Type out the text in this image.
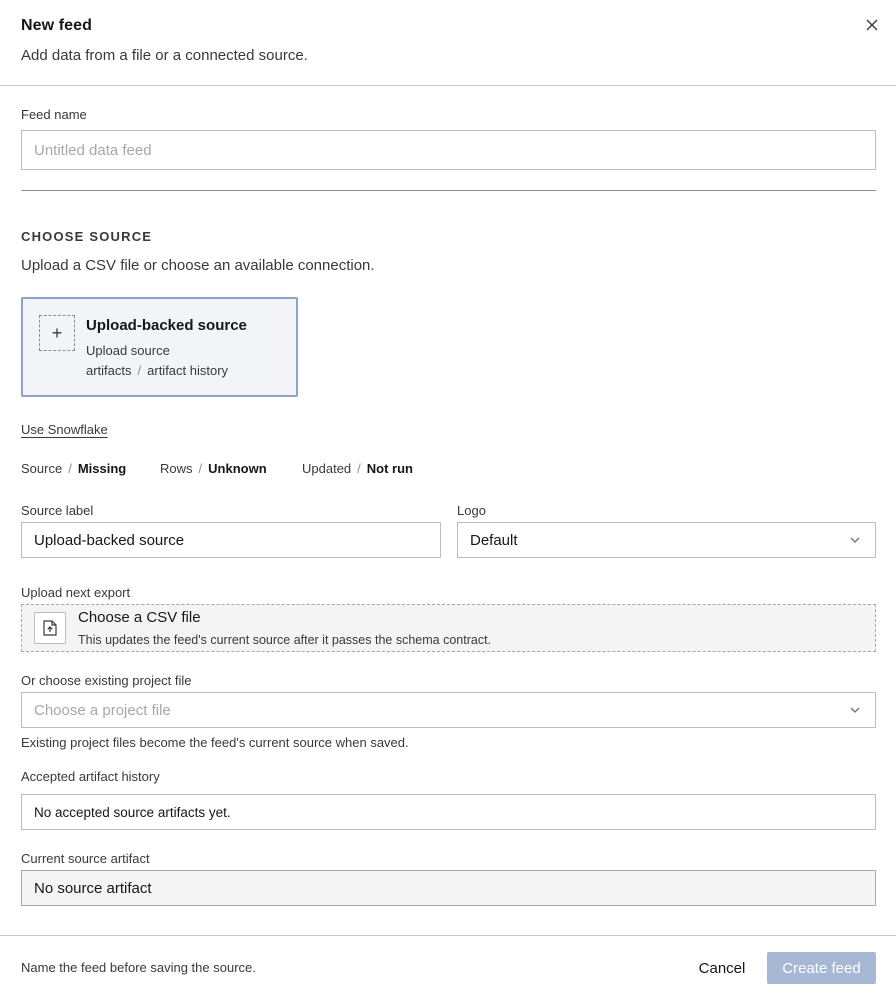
New feed
Add data from a file or a connected source.
Feed name
Untitled data feed
CHOOSE SOURCE
Upload a CSV file or choose an available connection.
+	Upload-backed source
Upload source
artifacts / artifact history
Use Snowflake
Source / Missing	Rows / Unknown	Updated / Not run
Source label
Upload-backed source
Logo
Default
Upload next export
Choose a CSV file
This updates the feed's current source after it passes the schema contract.
Or choose existing project file
Choose a project file
Existing project files become the feed's current source when saved.
Accepted artifact history
No accepted source artifacts yet.
Current source artifact
No source artifact
Name the feed before saving the source.	Cancel	Create feed
